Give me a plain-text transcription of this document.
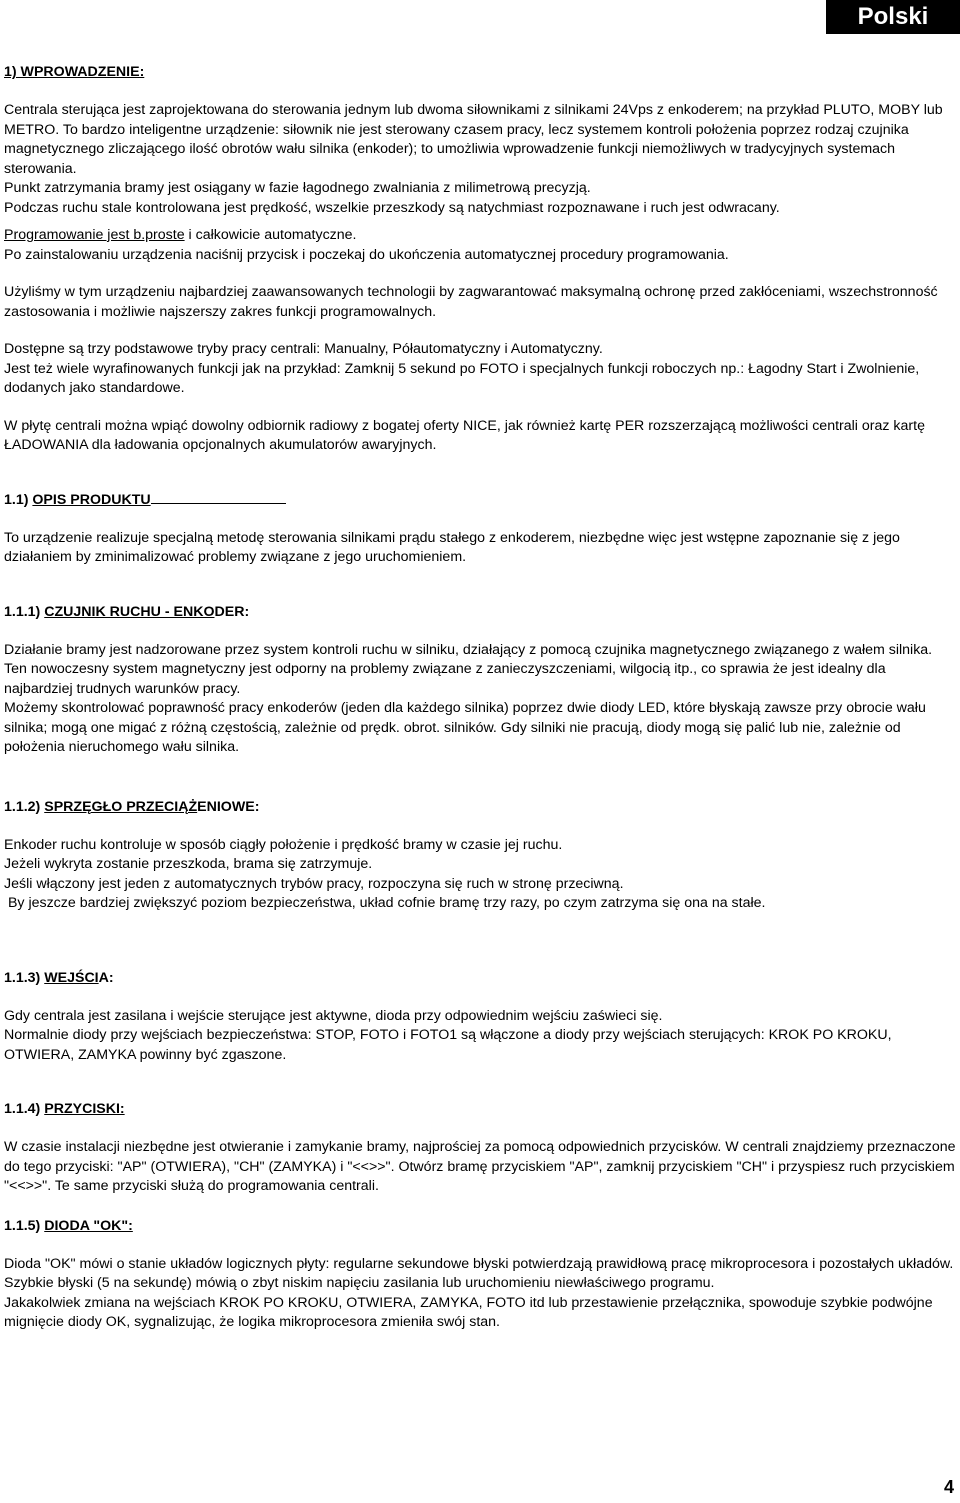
Polski
1) WPROWADZENIE:

Centrala sterująca jest zaprojektowana do sterowania jednym lub dwoma siłownikami z silnikami 24Vps z enkoderem; na przykład PLUTO, MOBY lub METRO. To bardzo inteligentne urządzenie: siłownik nie jest sterowany czasem pracy, lecz systemem kontroli położenia poprzez rodzaj czujnika magnetycznego zliczającego ilość obrotów wału silnika (enkoder); to umożliwia wprowadzenie funkcji niemożliwych w tradycyjnych systemach sterowania.

Punkt zatrzymania bramy jest osiągany w fazie łagodnego zwalniania z milimetrową precyzją.

Podczas ruchu stale kontrolowana jest prędkość, wszelkie przeszkody są natychmiast rozpoznawane i ruch jest odwracany.

Programowanie jest b.proste i całkowicie automatyczne.

Po zainstalowaniu urządzenia naciśnij przycisk i poczekaj do ukończenia automatycznej procedury programowania.

Użyliśmy w tym urządzeniu najbardziej zaawansowanych technologii by zagwarantować maksymalną ochronę przed zakłóceniami, wszechstronność zastosowania i możliwie najszerszy zakres funkcji programowalnych.

Dostępne są trzy podstawowe tryby pracy centrali: Manualny, Półautomatyczny i Automatyczny.

Jest też wiele wyrafinowanych funkcji jak na przykład: Zamknij 5 sekund po FOTO i specjalnych funkcji roboczych np.: Łagodny Start i Zwolnienie, dodanych jako standardowe.

W płytę centrali można wpiąć dowolny odbiornik radiowy z bogatej oferty NICE, jak również kartę PER rozszerzającą możliwości centrali oraz kartę ŁADOWANIA dla ładowania opcjonalnych akumulatorów awaryjnych.

1.1) OPIS PRODUKTU

To urządzenie realizuje specjalną metodę sterowania silnikami prądu stałego z enkoderem, niezbędne więc jest wstępne zapoznanie się z jego działaniem by zminimalizować problemy związane z jego uruchomieniem.

1.1.1) CZUJNIK RUCHU - ENKODER:

Działanie bramy jest nadzorowane przez system kontroli ruchu w silniku, działający z pomocą czujnika magnetycznego związanego z wałem silnika.

Ten nowoczesny system magnetyczny jest odporny na problemy związane z zanieczyszczeniami, wilgocią itp., co sprawia że jest idealny dla najbardziej trudnych warunków pracy.

Możemy skontrolować poprawność pracy enkoderów (jeden dla każdego silnika) poprzez dwie diody LED, które błyskają zawsze przy obrocie wału silnika; mogą one migać z różną częstością, zależnie od prędk. obrot. silników. Gdy silniki nie pracują, diody mogą się palić lub nie, zależnie od położenia nieruchomego wału silnika.

1.1.2) SPRZĘGŁO PRZECIĄŻENIOWE:

Enkoder ruchu kontroluje w sposób ciągły położenie i prędkość bramy w czasie jej ruchu.

Jeżeli wykryta zostanie przeszkoda, brama się zatrzymuje.

Jeśli włączony jest jeden z automatycznych trybów pracy, rozpoczyna się ruch w stronę przeciwną.

By jeszcze bardziej zwiększyć poziom bezpieczeństwa, układ cofnie bramę trzy razy, po czym zatrzyma się ona na stałe.

1.1.3) WEJŚCIA:

Gdy centrala jest zasilana i wejście sterujące jest aktywne, dioda przy odpowiednim wejściu zaświeci się.

Normalnie diody przy wejściach bezpieczeństwa: STOP, FOTO i FOTO1 są włączone a diody przy wejściach sterujących: KROK PO KROKU, OTWIERA, ZAMYKA powinny być zgaszone.

1.1.4) PRZYCISKI:

W czasie instalacji niezbędne jest otwieranie i zamykanie bramy, najprościej za pomocą odpowiednich przycisków. W centrali znajdziemy przeznaczone do tego przyciski: "AP" (OTWIERA), "CH" (ZAMYKA) i "<<>>". Otwórz bramę przyciskiem "AP", zamknij przyciskiem "CH" i przyspiesz ruch przyciskiem "<<>>". Te same przyciski służą do programowania centrali.

1.1.5) DIODA "OK":

Dioda "OK" mówi o stanie układów logicznych płyty: regularne sekundowe błyski potwierdzają prawidłową pracę mikroprocesora i pozostałych układów. Szybkie błyski (5 na sekundę) mówią o zbyt niskim napięciu zasilania lub uruchomieniu niewłaściwego programu.

Jakakolwiek zmiana na wejściach KROK PO KROKU, OTWIERA, ZAMYKA, FOTO itd lub przestawienie przełącznika, spowoduje szybkie podwójne mignięcie diody OK, sygnalizując, że logika mikroprocesora zmieniła swój stan.

4
